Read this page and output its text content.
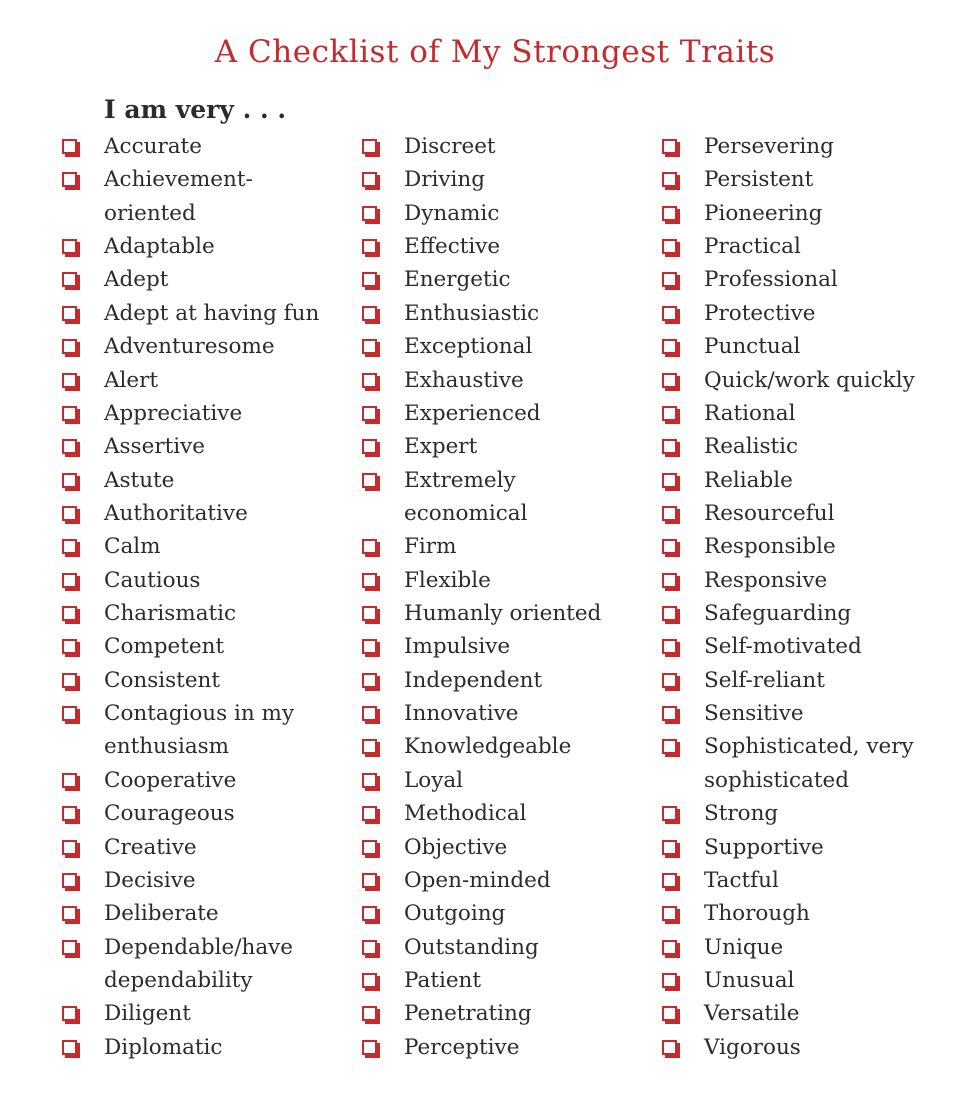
A Checklist of My Strongest Traits
I am very . . .
Accurate
Achievement-
oriented
Adaptable
Adept
Adept at having fun
Adventuresome
Alert
Appreciative
Assertive
Astute
Authoritative
Calm
Cautious
Charismatic
Competent
Consistent
Contagious in my
enthusiasm
Cooperative
Courageous
Creative
Decisive
Deliberate
Dependable/have
dependability
Diligent
Diplomatic
Discreet
Driving
Dynamic
Effective
Energetic
Enthusiastic
Exceptional
Exhaustive
Experienced
Expert
Extremely
economical
Firm
Flexible
Humanly oriented
Impulsive
Independent
Innovative
Knowledgeable
Loyal
Methodical
Objective
Open-minded
Outgoing
Outstanding
Patient
Penetrating
Perceptive
Persevering
Persistent
Pioneering
Practical
Professional
Protective
Punctual
Quick/work quickly
Rational
Realistic
Reliable
Resourceful
Responsible
Responsive
Safeguarding
Self-motivated
Self-reliant
Sensitive
Sophisticated, very
sophisticated
Strong
Supportive
Tactful
Thorough
Unique
Unusual
Versatile
Vigorous
